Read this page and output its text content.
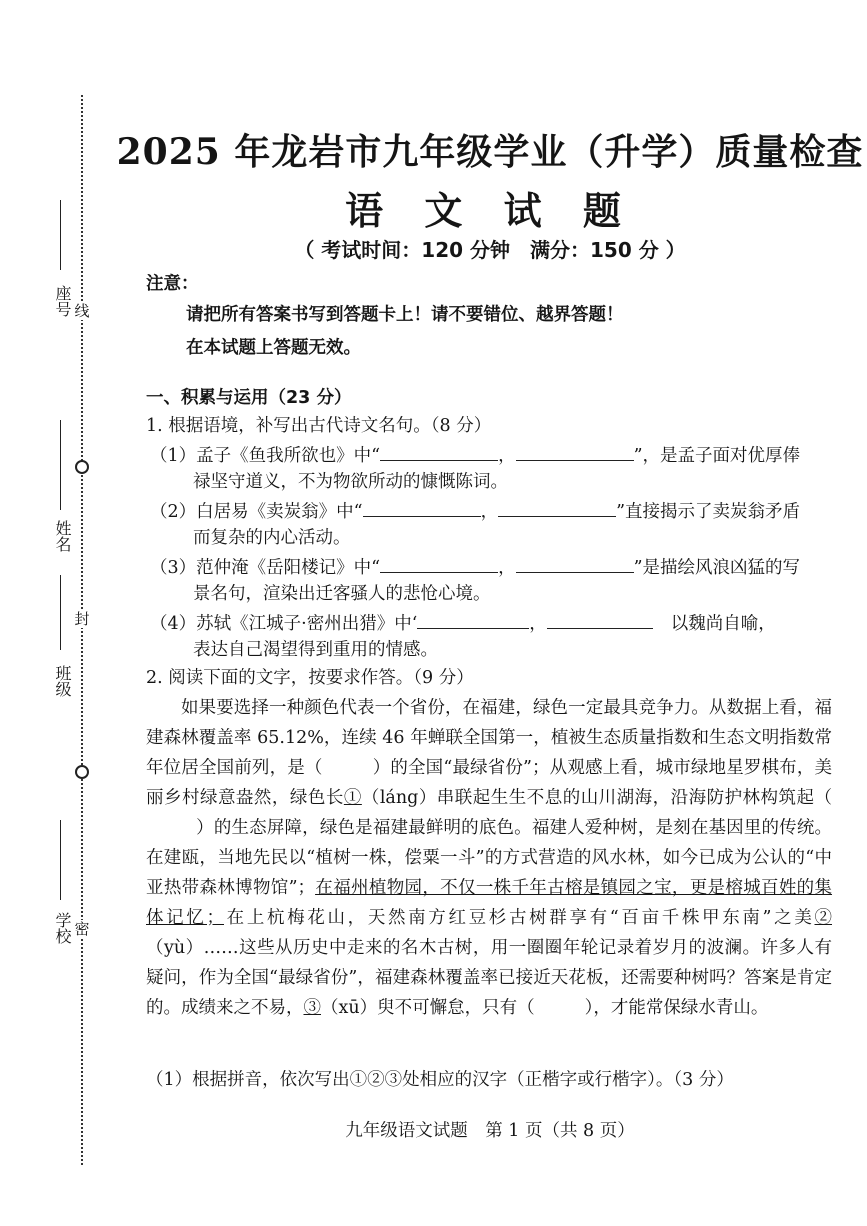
线
封
密
座号
姓名
班级
学校
2025 年龙岩市九年级学业（升学）质量检查
语 文 试 题
（ 考试时间：120 分钟　满分：150 分 ）
注意：
请把所有答案书写到答题卡上！请不要错位、越界答题！
在本试题上答题无效。
一、积累与运用（23 分）
1. 根据语境，补写出古代诗文名句。（8 分）
（1）孟子《鱼我所欲也》中“	，	”，是孟子面对优厚俸
禄坚守道义，不为物欲所动的慷慨陈词。
（2）白居易《卖炭翁》中“	，	”直接揭示了卖炭翁矛盾
而复杂的内心活动。
（3）范仲淹《岳阳楼记》中“	，	”是描绘风浪凶猛的写
景名句，渲染出迁客骚人的悲怆心境。
（4）苏轼《江城子·密州出猎》中‘	，	以魏尚自喻，
表达自己渴望得到重用的情感。
2. 阅读下面的文字，按要求作答。（9 分）
如果要选择一种颜色代表一个省份，在福建，绿色一定最具竞争力。从数据上看，福建森林覆盖率 65.12%，连续 46 年蝉联全国第一，植被生态质量指数和生态文明指数常年位居全国前列，是（	）的全国“最绿省份”；从观感上看，城市绿地星罗棋布，美丽乡村绿意盎然，绿色长①（láng）串联起生生不息的山川湖海，沿海防护林构筑起（）的生态屏障，绿色是福建最鲜明的底色。福建人爱种树，是刻在基因里的传统。在建瓯，当地先民以“植树一株，偿粟一斗”的方式营造的风水林，如今已成为公认的“中亚热带森林博物馆”；在福州植物园，不仅一株千年古榕是镇园之宝，更是榕城百姓的集体记忆；在上杭梅花山，天然南方红豆杉古树群享有“百亩千株甲东南”之美②（yù）……这些从历史中走来的名木古树，用一圈圈年轮记录着岁月的波澜。许多人有疑问，作为全国“最绿省份”，福建森林覆盖率已接近天花板，还需要种树吗？答案是肯定的。成绩来之不易，③（xū）臾不可懈怠，只有（	），才能常保绿水青山。
（1）根据拼音，依次写出①②③处相应的汉字（正楷字或行楷字）。（3 分）
九年级语文试题　第 1 页（共 8 页）
